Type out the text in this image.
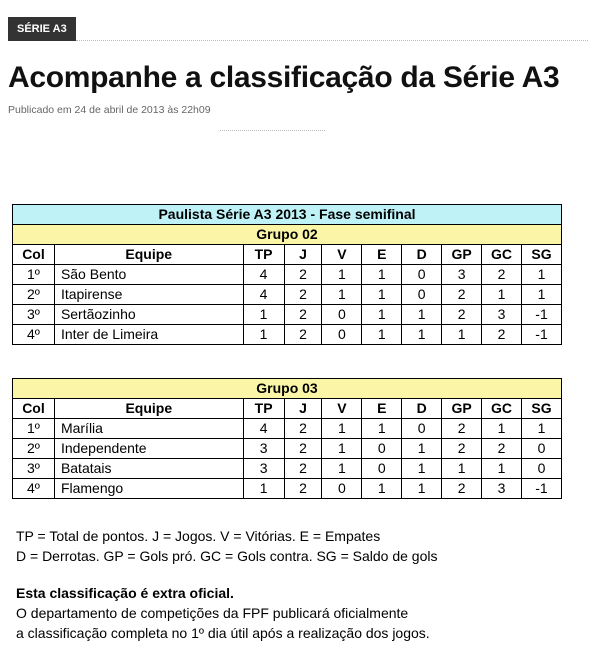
SÉRIE A3
Acompanhe a classificação da Série A3
Publicado em 24 de abril de 2013 às 22h09
Paulista Série A3 2013 - Fase semifinal									
Grupo 02									
Col	Equipe	TP	J	V	E	D	GP	GC	SG
1º	São Bento	4	2	1	1	0	3	2	1
2º	Itapirense	4	2	1	1	0	2	1	1
3º	Sertãozinho	1	2	0	1	1	2	3	-1
4º	Inter de Limeira	1	2	0	1	1	1	2	-1
Grupo 03									
Col	Equipe	TP	J	V	E	D	GP	GC	SG
1º	Marília	4	2	1	1	0	2	1	1
2º	Independente	3	2	1	0	1	2	2	0
3º	Batatais	3	2	1	0	1	1	1	0
4º	Flamengo	1	2	0	1	1	2	3	-1
TP = Total de pontos. J = Jogos. V = Vitórias. E = Empates
D = Derrotas. GP = Gols pró. GC = Gols contra. SG = Saldo de gols
Esta classificação é extra oficial.
O departamento de competições da FPF publicará oficialmente
a classificação completa no 1º dia útil após a realização dos jogos.
